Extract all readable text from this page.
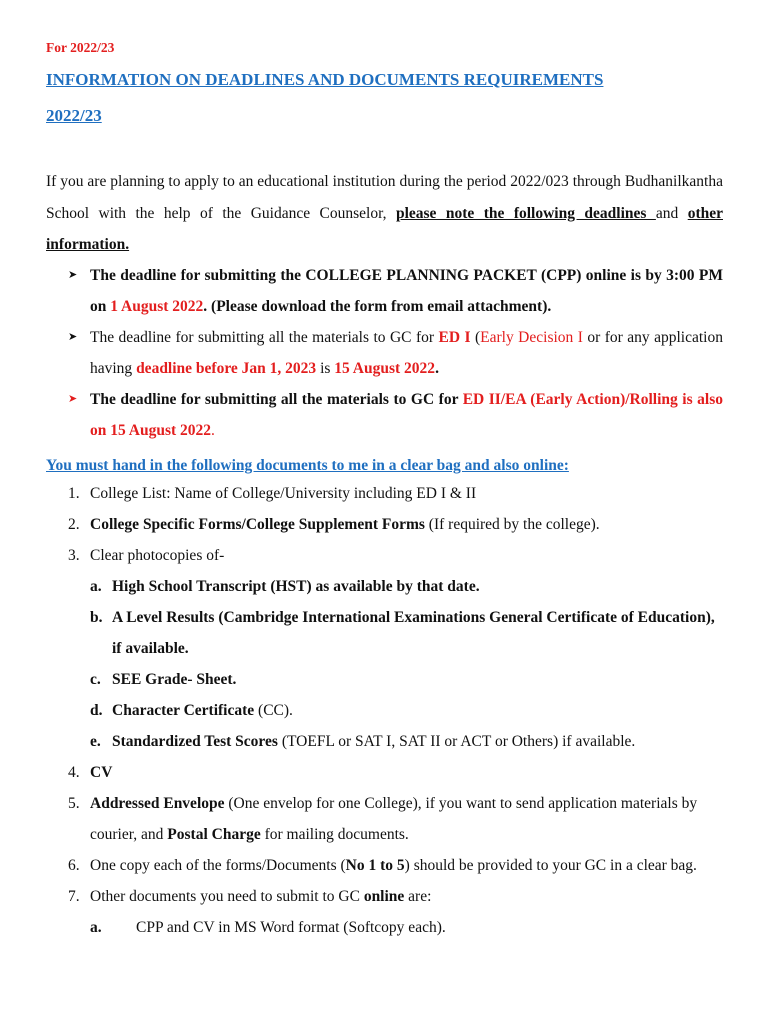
For 2022/23
INFORMATION ON DEADLINES AND DOCUMENTS REQUIREMENTS
2022/23
If you are planning to apply to an educational institution during the period 2022/023 through Budhanilkantha School with the help of the Guidance Counselor, please note the following deadlines and other information.
➤ The deadline for submitting the COLLEGE PLANNING PACKET (CPP) online is by 3:00 PM on 1 August 2022. (Please download the form from email attachment).
➤ The deadline for submitting all the materials to GC for ED I (Early Decision I or for any application having deadline before Jan 1, 2023 is 15 August 2022.
➤ The deadline for submitting all the materials to GC for ED II/EA (Early Action)/Rolling is also on 15 August 2022.
You must hand in the following documents to me in a clear bag and also online:
1. College List: Name of College/University including ED I & II
2. College Specific Forms/College Supplement Forms (If required by the college).
3. Clear photocopies of-
a. High School Transcript (HST) as available by that date.
b. A Level Results (Cambridge International Examinations General Certificate of Education), if available.
c. SEE Grade- Sheet.
d. Character Certificate (CC).
e. Standardized Test Scores (TOEFL or SAT I, SAT II or ACT or Others) if available.
4. CV
5. Addressed Envelope (One envelop for one College), if you want to send application materials by courier, and Postal Charge for mailing documents.
6. One copy each of the forms/Documents (No 1 to 5) should be provided to your GC in a clear bag.
7. Other documents you need to submit to GC online are:
a. CPP and CV in MS Word format (Softcopy each).
